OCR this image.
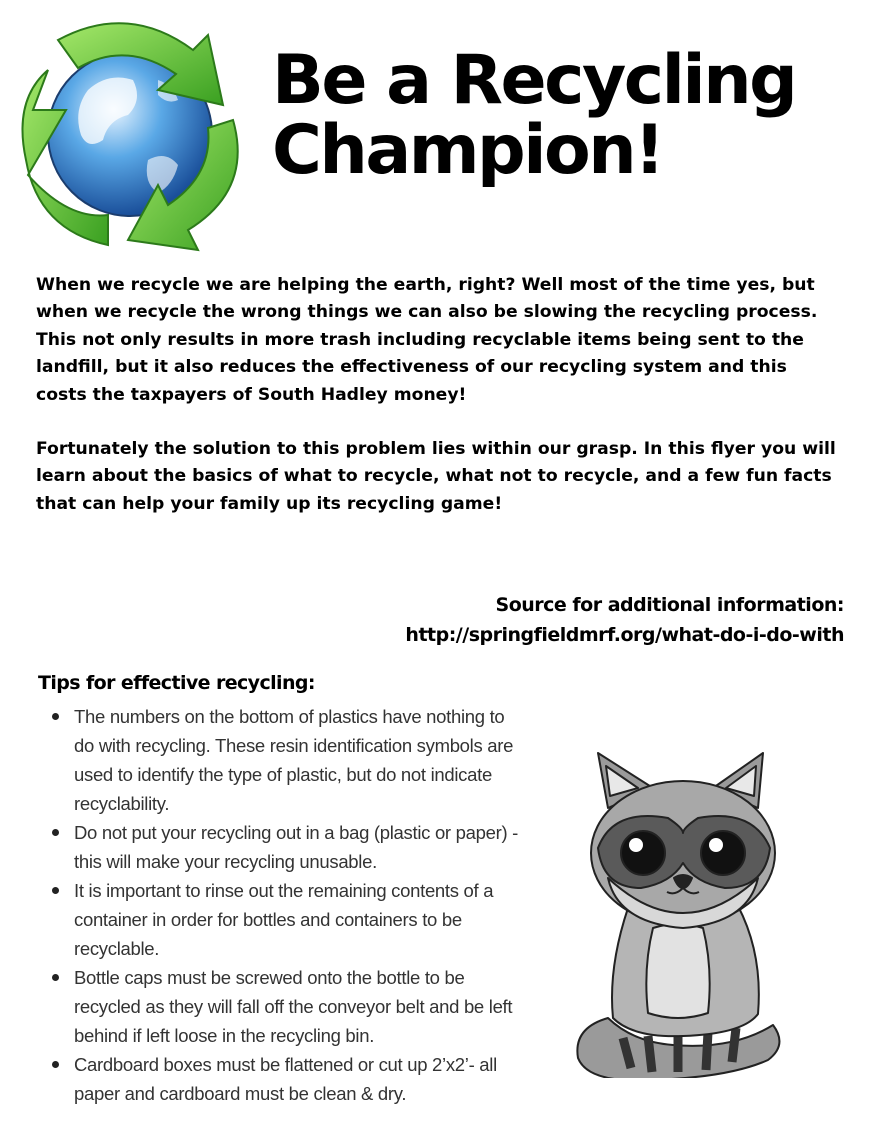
Be a Recycling
Champion!

When we recycle we are helping the earth, right? Well most of the time yes, but when we recycle the wrong things we can also be slowing the recycling process. This not only results in more trash including recyclable items being sent to the landfill, but it also reduces the effectiveness of our recycling system and this costs the taxpayers of South Hadley money!

Fortunately the solution to this problem lies within our grasp. In this flyer you will learn about the basics of what to recycle, what not to recycle, and a few fun facts that can help your family up its recycling game!

Source for additional information:
http://springfieldmrf.org/what-do-i-do-with
Tips for effective recycling:
The numbers on the bottom of plastics have nothing to do with recycling. These resin identification symbols are used to identify the type of plastic, but do not indicate recyclability.
Do not put your recycling out in a bag (plastic or paper) - this will make your recycling unusable.
It is important to rinse out the remaining contents of a container in order for bottles and containers to be recyclable.
Bottle caps must be screwed onto the bottle to be recycled as they will fall off the conveyor belt and be left behind if left loose in the recycling bin.
Cardboard boxes must be flattened or cut up 2’x2’- all paper and cardboard must be clean & dry.
